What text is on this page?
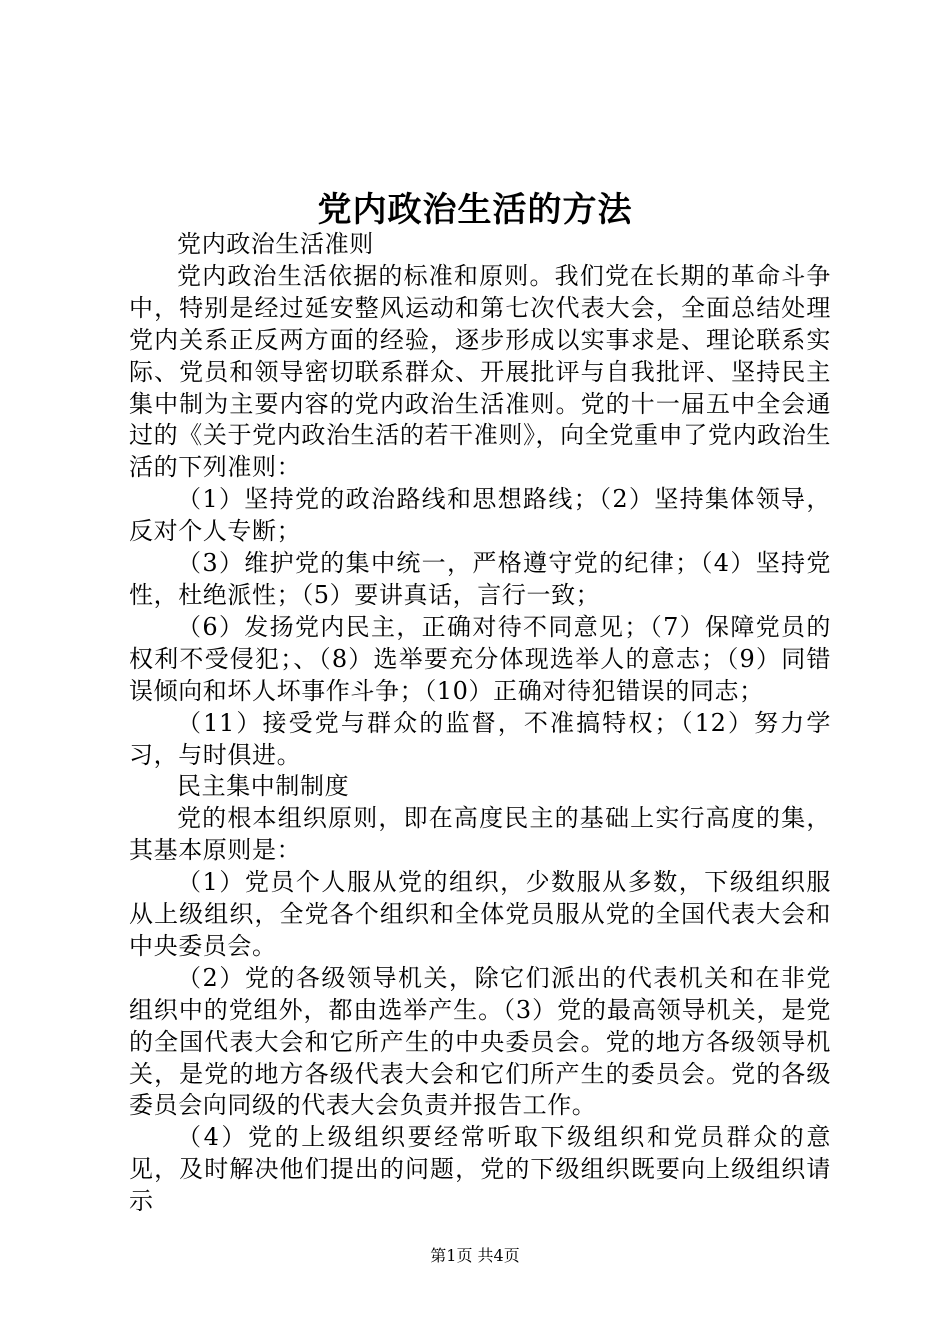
党内政治生活的方法

党内政治生活准则

党内政治生活依据的标准和原则。我们党在长期的革命斗争中，特别是经过延安整风运动和第七次代表大会，全面总结处理党内关系正反两方面的经验，逐步形成以实事求是、理论联系实际、党员和领导密切联系群众、开展批评与自我批评、坚持民主集中制为主要内容的党内政治生活准则。党的十一届五中全会通过的《关于党内政治生活的若干准则》，向全党重申了党内政治生活的下列准则：

（1）坚持党的政治路线和思想路线；（2）坚持集体领导，反对个人专断；

（3）维护党的集中统一，严格遵守党的纪律；（4）坚持党性，杜绝派性；（5）要讲真话，言行一致；

（6）发扬党内民主，正确对待不同意见；（7）保障党员的权利不受侵犯；、（8）选举要充分体现选举人的意志；（9）同错误倾向和坏人坏事作斗争；（10）正确对待犯错误的同志；

（11）接受党与群众的监督，不准搞特权；（12）努力学习，与时俱进。

民主集中制制度

党的根本组织原则，即在高度民主的基础上实行高度的集，其基本原则是：

（1）党员个人服从党的组织，少数服从多数，下级组织服从上级组织，全党各个组织和全体党员服从党的全国代表大会和中央委员会。

（2）党的各级领导机关，除它们派出的代表机关和在非党组织中的党组外，都由选举产生。（3）党的最高领导机关，是党的全国代表大会和它所产生的中央委员会。党的地方各级领导机关，是党的地方各级代表大会和它们所产生的委员会。党的各级委员会向同级的代表大会负责并报告工作。

（4）党的上级组织要经常听取下级组织和党员群众的意见，及时解决他们提出的问题，党的下级组织既要向上级组织请示

第1页 共4页
